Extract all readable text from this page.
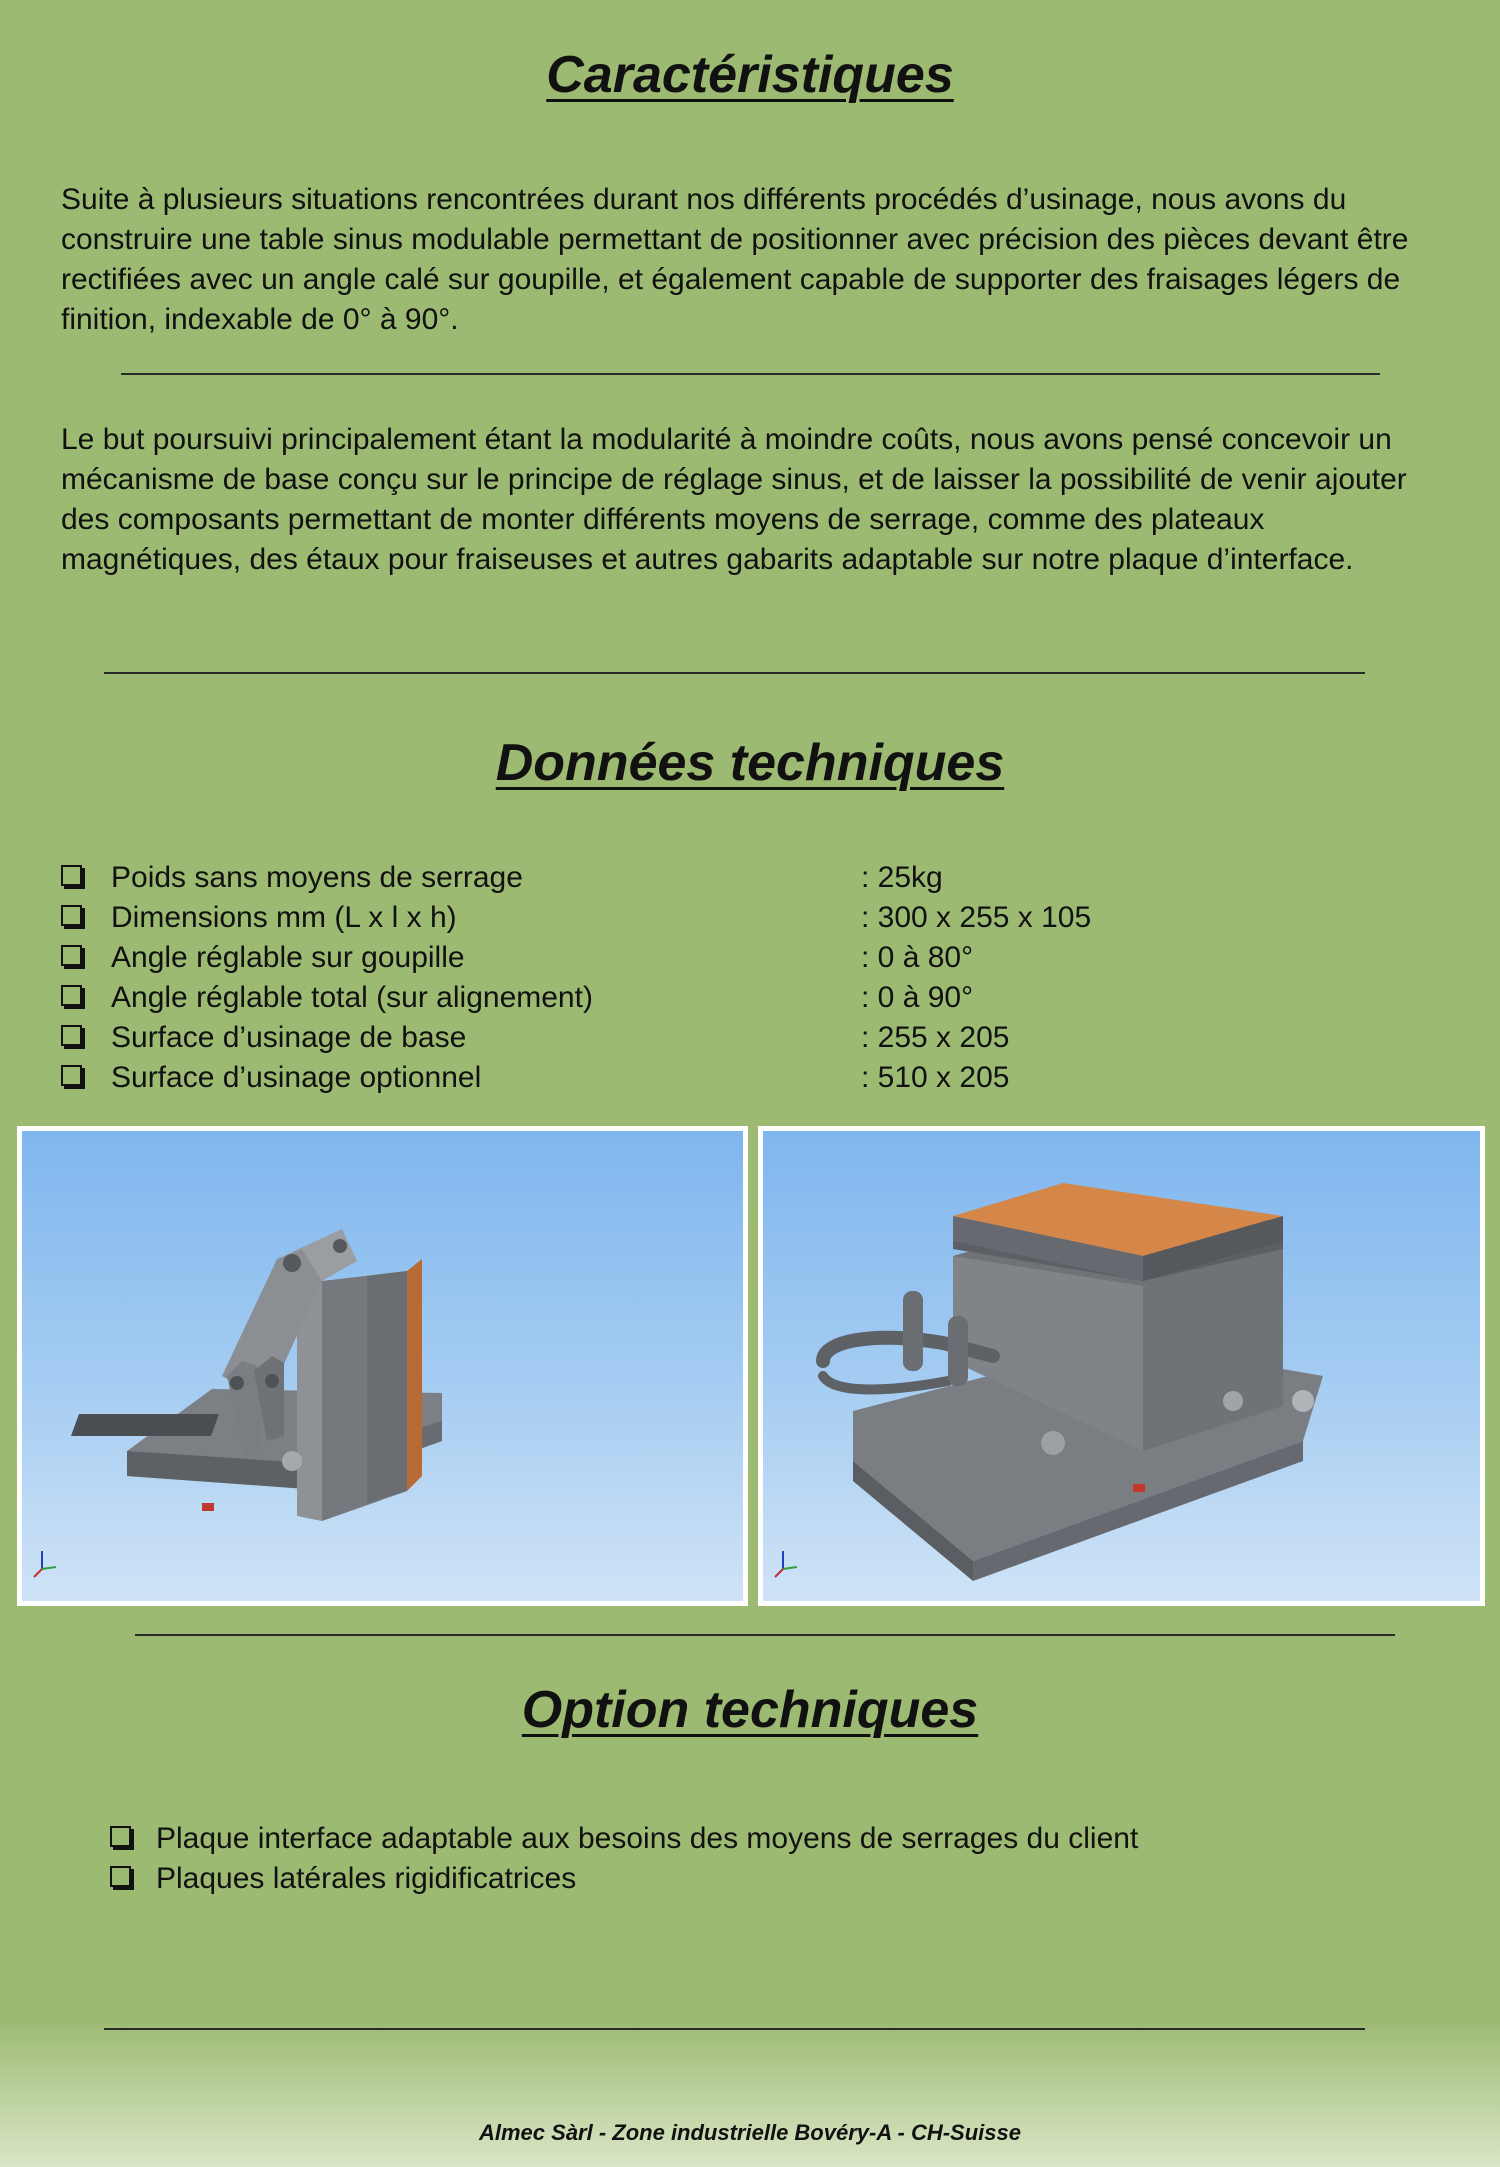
Caractéristiques

Suite à plusieurs situations rencontrées durant nos différents procédés d’usinage, nous avons du construire une table sinus modulable permettant de positionner avec précision des pièces devant être rectifiées avec un angle calé sur goupille, et également capable de supporter des fraisages légers de finition, indexable de 0° à 90°.

Le but poursuivi principalement étant la modularité à moindre coûts, nous avons pensé concevoir un mécanisme de base conçu sur le principe de réglage sinus, et de laisser la possibilité de venir ajouter des composants permettant de monter différents moyens de serrage, comme des plateaux magnétiques, des étaux pour fraiseuses et autres gabarits adaptable sur notre plaque d’interface.

Données techniques
Poids sans moyens de serrage	: 25kg
Dimensions mm (L x l x h)	: 300 x 255 x 105
Angle réglable sur goupille	: 0 à 80°
Angle réglable total (sur alignement)	: 0 à 90°
Surface d’usinage de base	: 255 x 205
Surface d’usinage optionnel	: 510 x 205
Option techniques
Plaque interface adaptable aux besoins des moyens de serrages du client
Plaques latérales rigidificatrices
Almec Sàrl - Zone industrielle Bovéry-A - CH-Suisse
